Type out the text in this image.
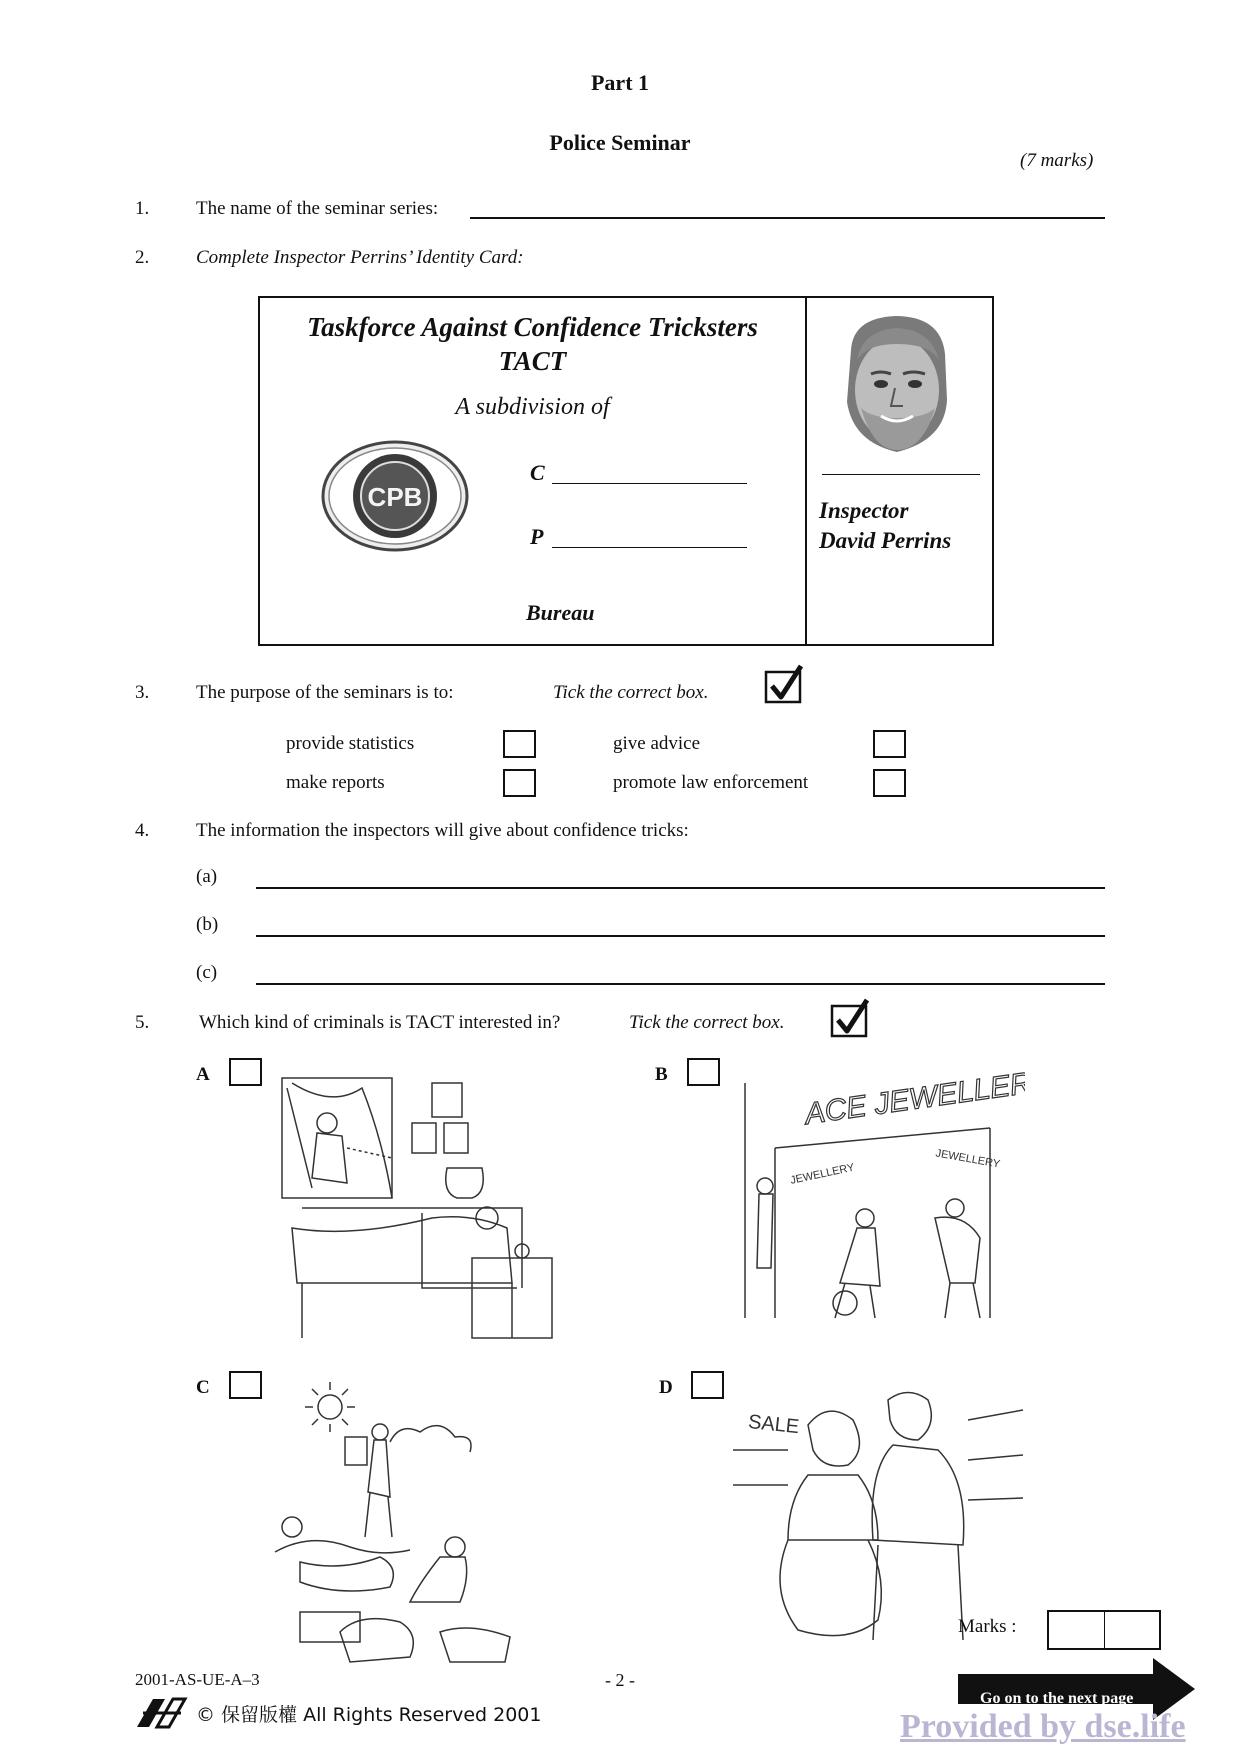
Part 1
Police Seminar
(7 marks)
1. The name of the seminar series:
2. Complete Inspector Perrins’ Identity Card:
Taskforce Against Confidence Tricksters
TACT
A subdivision of
CPB
C
P
Bureau
Inspector
David Perrins
3. The purpose of the seminars is to:	Tick the correct box.
provide statistics	give advice
make reports	promote law enforcement
4. The information the inspectors will give about confidence tricks:
(a)
(b)
(c)
5.	Which kind of criminals is TACT interested in?	Tick the correct box.
A	B
C	D
ACE JEWELLER
JEWELLERY
JEWELLERY
SALE
Marks :
2001-AS-UE-A–3	- 2 -
Go on to the next page
© 保留版權 All Rights Reserved 2001	Provided by dse.life
